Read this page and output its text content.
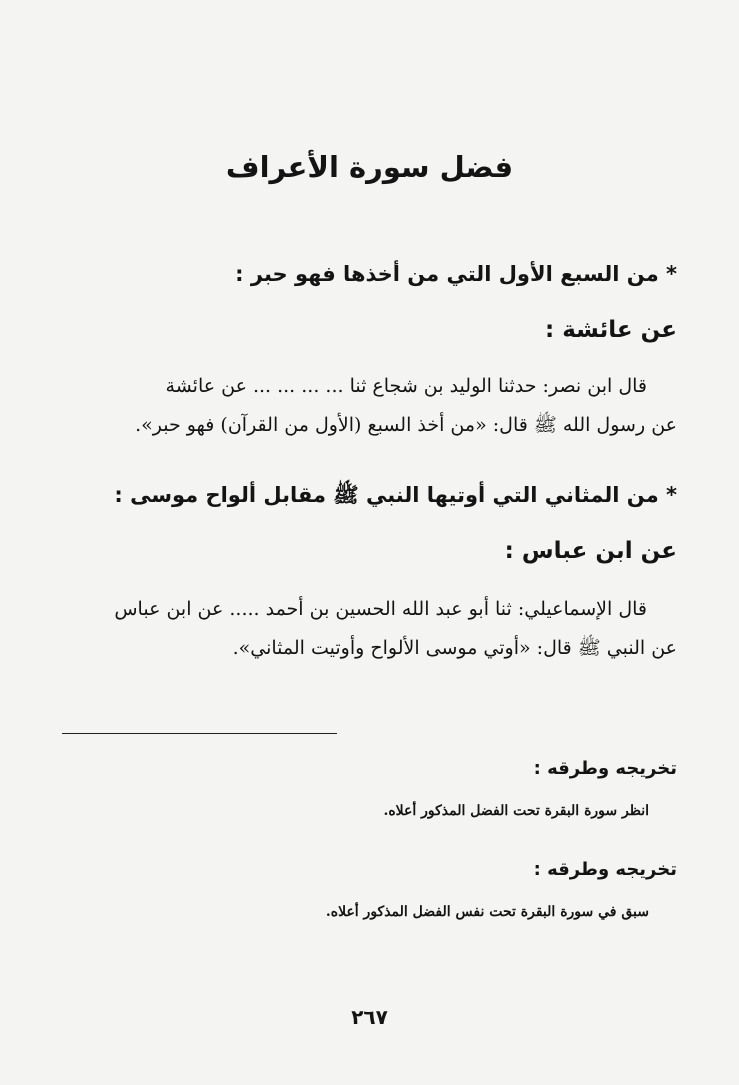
فضل سورة الأعراف
* من السبع الأول التي من أخذها فهو حبر :
عن عائشة :
قال ابن نصر: حدثنا الوليد بن شجاع ثنا ... ... ... ... عن عائشة
عن رسول الله ﷺ قال: «من أخذ السبع (الأول من القرآن) فهو حبر».
* من المثاني التي أوتيها النبي ﷺ مقابل ألواح موسى :
عن ابن عباس :
قال الإسماعيلي: ثنا أبو عبد الله الحسين بن أحمد ..... عن ابن عباس
عن النبي ﷺ قال: «أوتي موسى الألواح وأوتيت المثاني».
تخريجه وطرقه :
انظر سورة البقرة تحت الفضل المذكور أعلاه.
تخريجه وطرقه :
سبق في سورة البقرة تحت نفس الفضل المذكور أعلاه.
٢٦٧
